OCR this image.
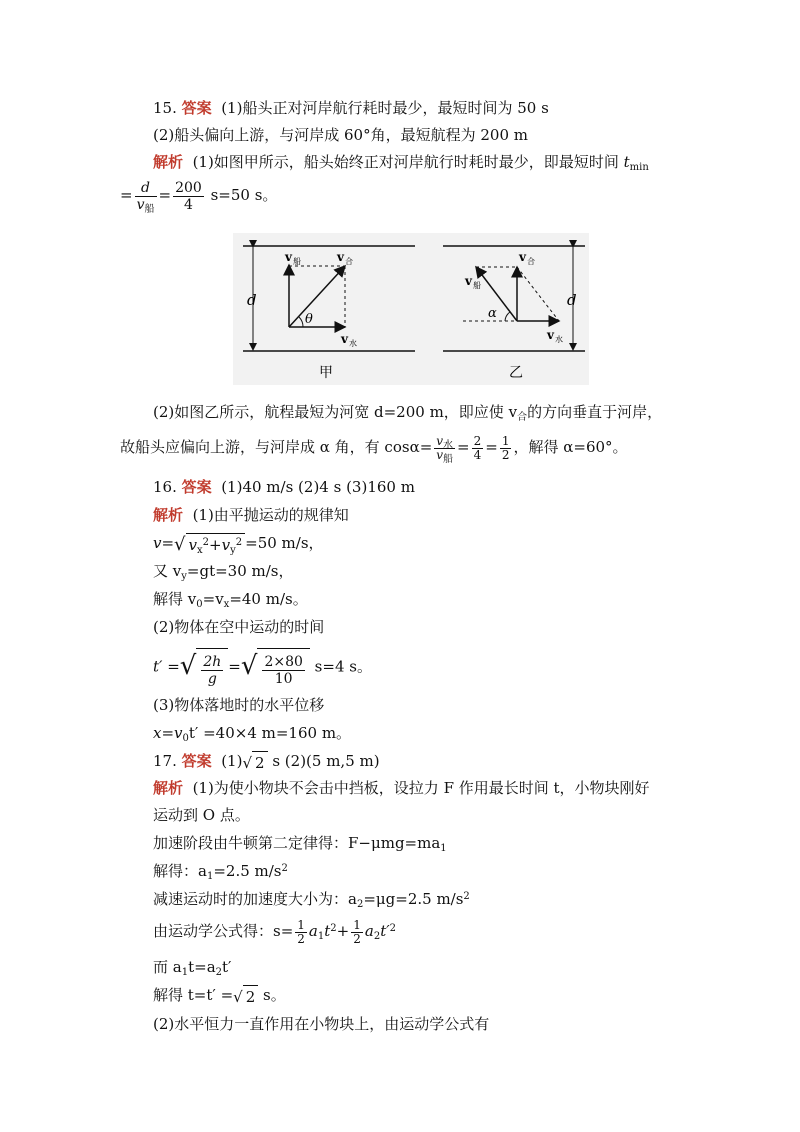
15. 答案 (1)船头正对河岸航行耗时最少，最短时间为 50 s
(2)船头偏向上游，与河岸成 60°角，最短航程为 200 m
解析 (1)如图甲所示，船头始终正对河岸航行时耗时最少，即最短时间 $t_{min}$
= $\frac{d}{v_船} = \frac{200}{4} s=50$ s。
d
θ
v 船	v 合
v 水
甲
d
α
v 船
v 合
v 水
乙
(2)如图乙所示，航程最短为河宽 d=200 m，即应使 $v_合$的方向垂直于河岸，
故船头应偏向上游，与河岸成 α 角，有 $\cos\alpha= \frac{v_水}{v_船} = \frac{2}{4} = \frac{1}{2}$ ，解得 α=60°。
16. 答案 (1)40 m/s (2)4 s (3)160 m
解析 (1)由平抛运动的规律知
v=√ $v_x^2+v_y^2 =50$ m/s，
又 $v_y=gt=30$ m/s，
解得 $v_0=v_x=40$ m/s。
(2)物体在空中运动的时间
t′ =√ $\frac{2h}{g}$ =√ $\frac{2\times 80}{10} s=4$ s。
(3)物体落地时的水平位移
$x=v_0t' =40\times 4$ m=160 m。
17. 答案 (1)√ 2 s (2)(5 m,5 m)
解析 (1)为使小物块不会击中挡板，设拉力 F 作用最长时间 t，小物块刚好
运动到 O 点。
加速阶段由牛顿第二定律得：$F-\mu mg=ma_1$
解得：$a_1=2.5$ $m/s^2$
减速运动时的加速度大小为：$a_2=\mu g=2.5$ $m/s^2$
由运动学公式得：$s= \frac{1}{2} a_1t^2+ \frac{1}{2} a_2t'^2$
而 $a_1t=a_2t'$
解得 t=t′ =√ 2 s。
(2)水平恒力一直作用在小物块上，由运动学公式有
